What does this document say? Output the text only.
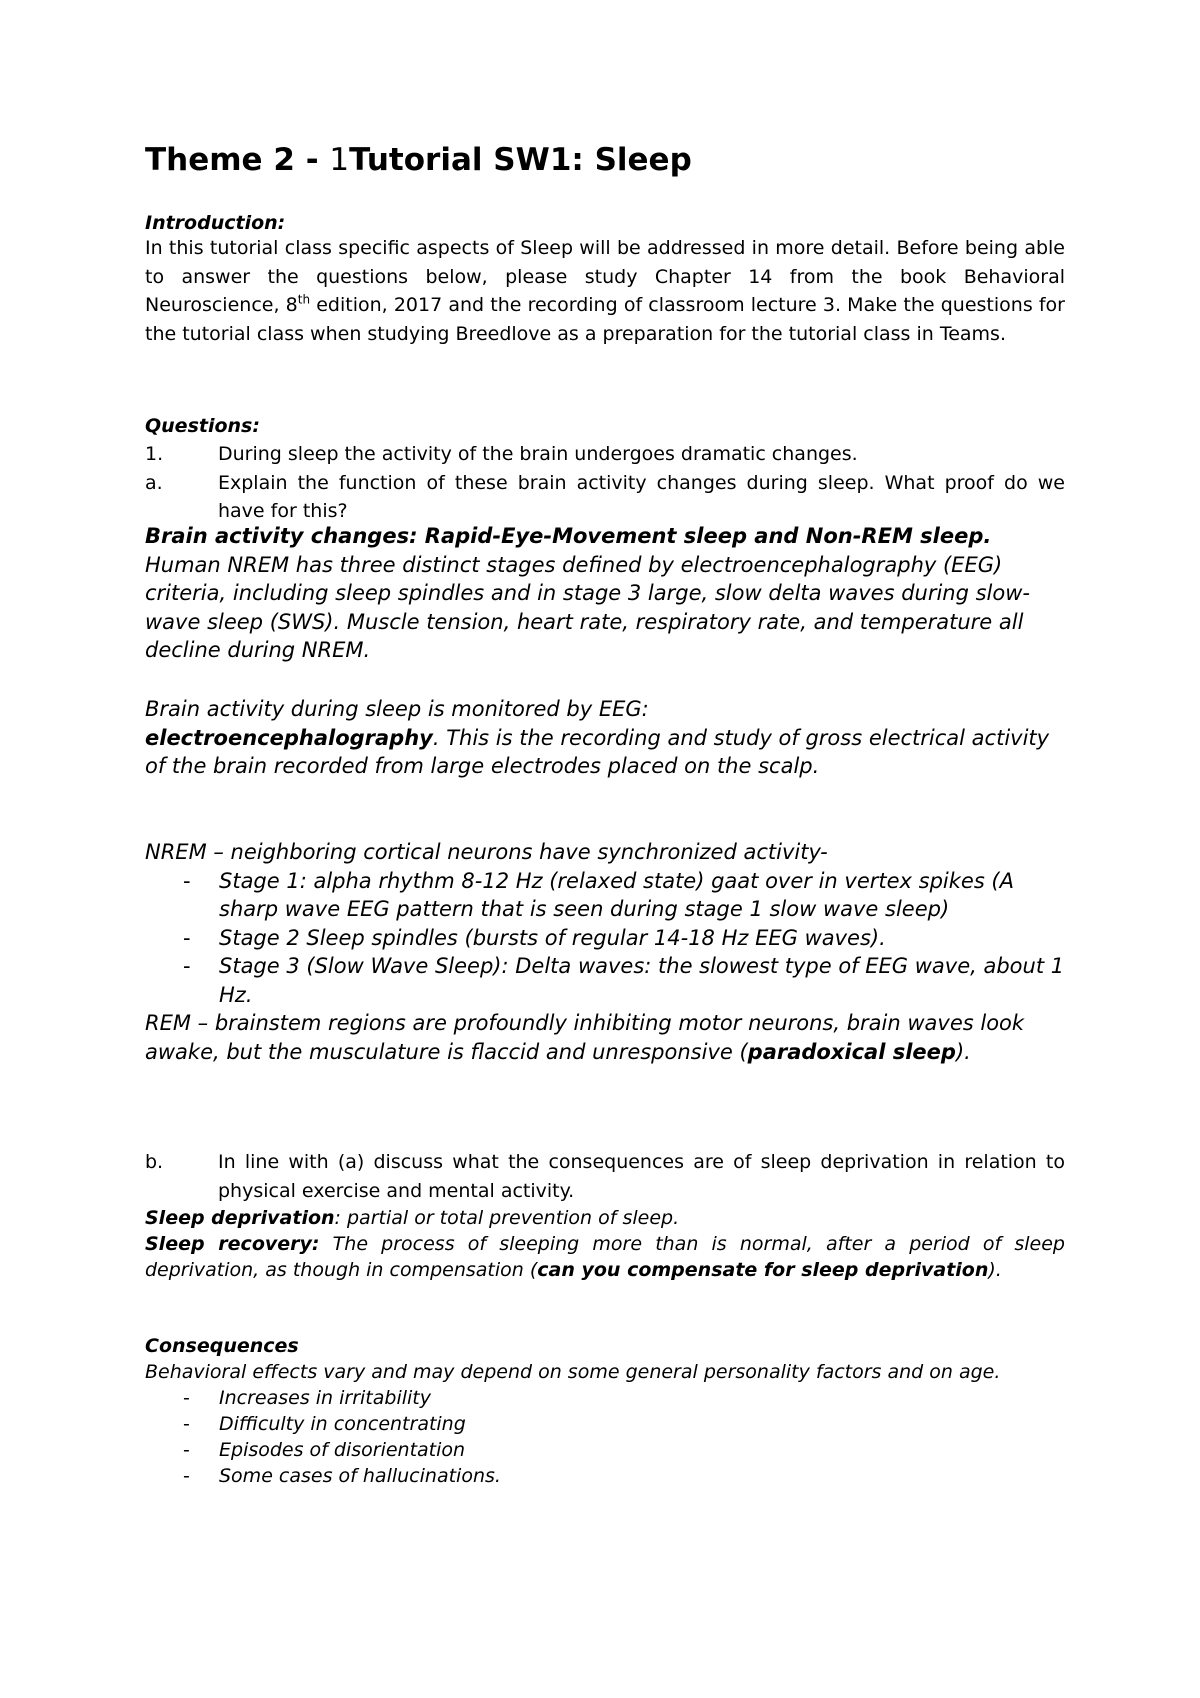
Theme 2 - 1Tutorial SW1: Sleep

Introduction:

In this tutorial class specific aspects of Sleep will be addressed in more detail. Before being able to answer the questions below, please study Chapter 14 from the book Behavioral Neuroscience, 8th edition, 2017 and the recording of classroom lecture 3. Make the questions for the tutorial class when studying Breedlove as a preparation for the tutorial class in Teams.

Questions:

1.	During sleep the activity of the brain undergoes dramatic changes.
a.	Explain the function of these brain activity changes during sleep. What proof do we have for this?

Brain activity changes: Rapid-Eye-Movement sleep and Non-REM sleep.
Human NREM has three distinct stages defined by electroencephalography (EEG) criteria, including sleep spindles and in stage 3 large, slow delta waves during slow-wave sleep (SWS). Muscle tension, heart rate, respiratory rate, and temperature all decline during NREM.

Brain activity during sleep is monitored by EEG:
electroencephalography. This is the recording and study of gross electrical activity of the brain recorded from large electrodes placed on the scalp.

NREM – neighboring cortical neurons have synchronized activity-

- Stage 1: alpha rhythm 8-12 Hz (relaxed state) gaat over in vertex spikes (A sharp wave EEG pattern that is seen during stage 1 slow wave sleep)
- Stage 2 Sleep spindles (bursts of regular 14-18 Hz EEG waves).
- Stage 3 (Slow Wave Sleep): Delta waves: the slowest type of EEG wave, about 1 Hz.

REM – brainstem regions are profoundly inhibiting motor neurons, brain waves look awake, but the musculature is flaccid and unresponsive (paradoxical sleep).

b.	In line with (a) discuss what the consequences are of sleep deprivation in relation to physical exercise and mental activity.

Sleep deprivation: partial or total prevention of sleep.

Sleep recovery: The process of sleeping more than is normal, after a period of sleep deprivation, as though in compensation (can you compensate for sleep deprivation).

Consequences

Behavioral effects vary and may depend on some general personality factors and on age.

- Increases in irritability
- Difficulty in concentrating
- Episodes of disorientation
- Some cases of hallucinations.
